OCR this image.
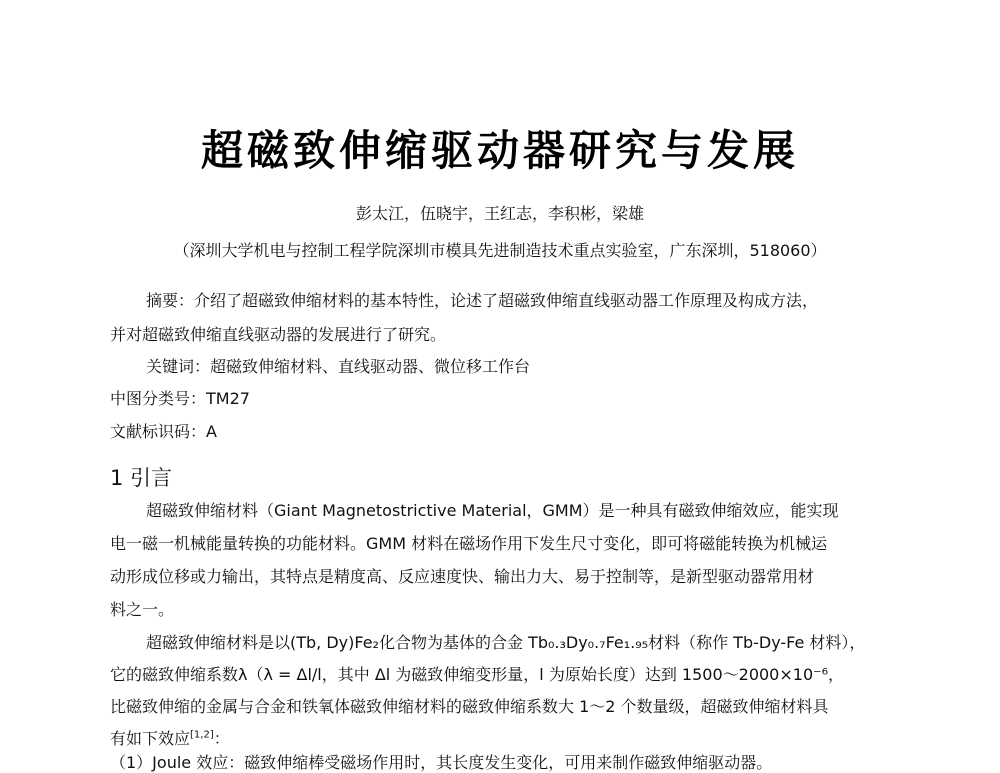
超磁致伸缩驱动器研究与发展
彭太江，伍晓宇，王红志，李积彬，梁雄
（深圳大学机电与控制工程学院深圳市模具先进制造技术重点实验室，广东深圳，518060）
摘要：介绍了超磁致伸缩材料的基本特性，论述了超磁致伸缩直线驱动器工作原理及构成方法，
并对超磁致伸缩直线驱动器的发展进行了研究。
关键词：超磁致伸缩材料、直线驱动器、微位移工作台
中图分类号：TM27
文献标识码：A
1 引言
超磁致伸缩材料（Giant Magnetostrictive Material，GMM）是一种具有磁致伸缩效应，能实现
电一磁一机械能量转换的功能材料。GMM 材料在磁场作用下发生尺寸变化，即可将磁能转换为机械运
动形成位移或力输出，其特点是精度高、反应速度快、输出力大、易于控制等，是新型驱动器常用材
料之一。
超磁致伸缩材料是以(Tb, Dy)Fe₂化合物为基体的合金 Tb₀.₃Dy₀.₇Fe₁.₉₅材料（称作 Tb-Dy-Fe 材料），
它的磁致伸缩系数λ（λ = Δl/l，其中 Δl 为磁致伸缩变形量，l 为原始长度）达到 1500～2000×10⁻⁶，
比磁致伸缩的金属与合金和铁氧体磁致伸缩材料的磁致伸缩系数大 1～2 个数量级，超磁致伸缩材料具
有如下效应[1,2]：
（1）Joule 效应：磁致伸缩棒受磁场作用时，其长度发生变化，可用来制作磁致伸缩驱动器。
